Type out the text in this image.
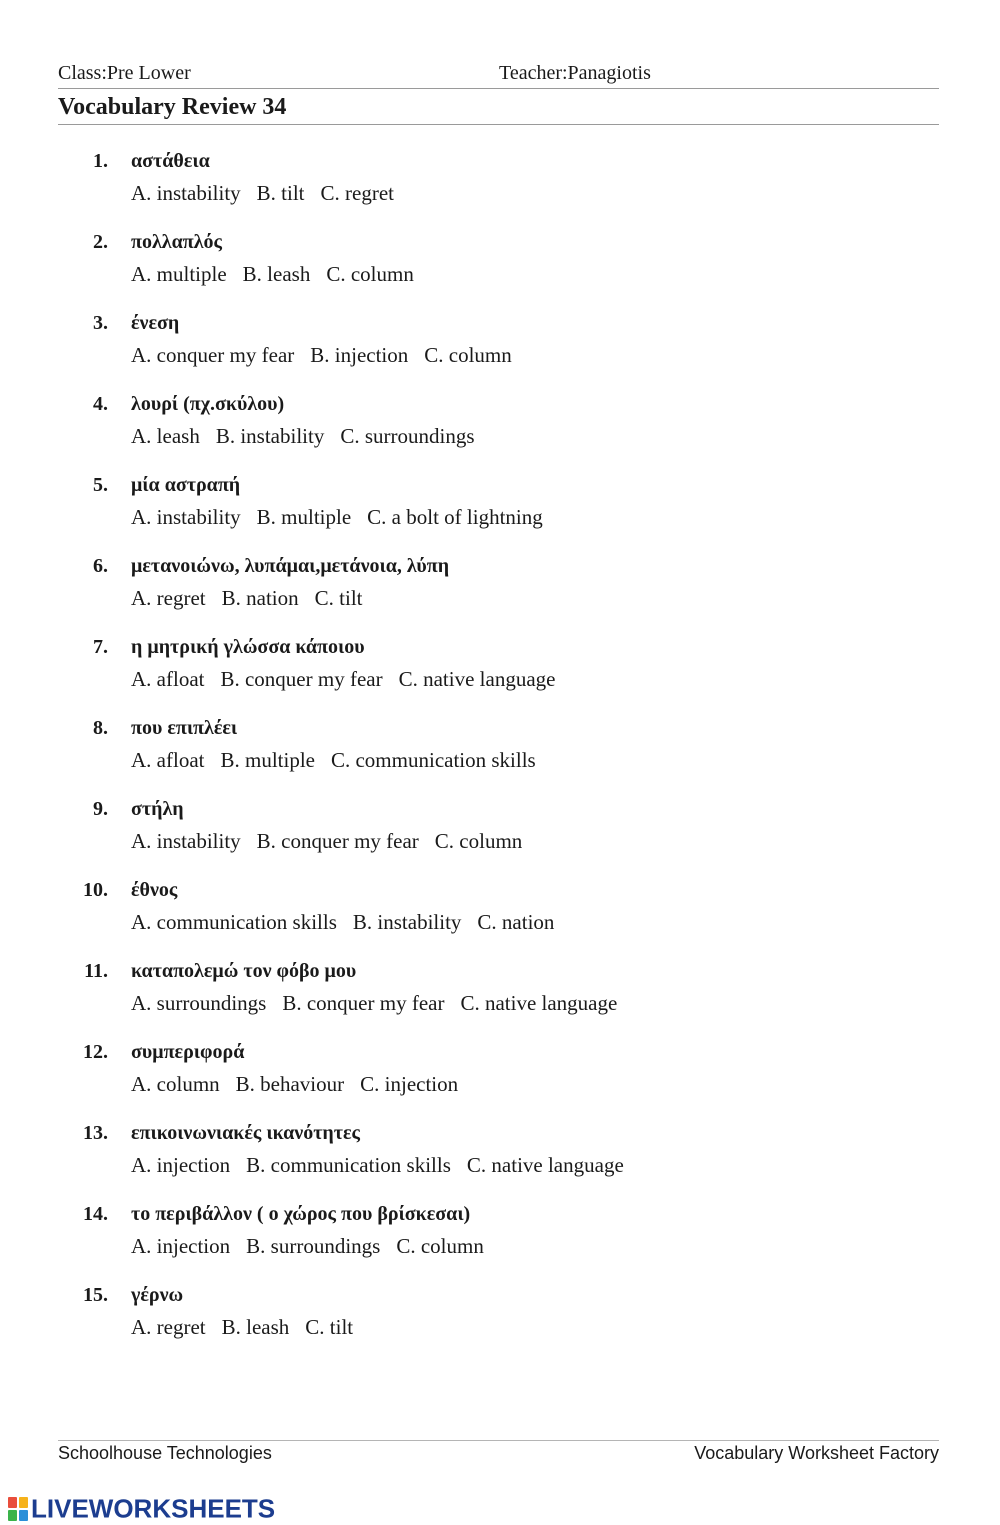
Class:Pre Lower	Teacher:Panagiotis
Vocabulary Review 34
1. αστάθεια
A. instability B. tilt C. regret
2. πολλαπλός
A. multiple B. leash C. column
3. ένεση
A. conquer my fear B. injection C. column
4. λουρί (πχ.σκύλου)
A. leash B. instability C. surroundings
5. μία αστραπή
A. instability B. multiple C. a bolt of lightning
6. μετανοιώνω, λυπάμαι,μετάνοια, λύπη
A. regret B. nation C. tilt
7. η μητρική γλώσσα κάποιου
A. afloat B. conquer my fear C. native language
8. που επιπλέει
A. afloat B. multiple C. communication skills
9. στήλη
A. instability B. conquer my fear C. column
10. έθνος
A. communication skills B. instability C. nation
11. καταπολεμώ τον φόβο μου
A. surroundings B. conquer my fear C. native language
12. συμπεριφορά
A. column B. behaviour C. injection
13. επικοινωνιακές ικανότητες
A. injection B. communication skills C. native language
14. το περιβάλλον ( ο χώρος που βρίσκεσαι)
A. injection B. surroundings C. column
15. γέρνω
A. regret B. leash C. tilt
Schoolhouse Technologies	Vocabulary Worksheet Factory
LIVEWORKSHEETS
